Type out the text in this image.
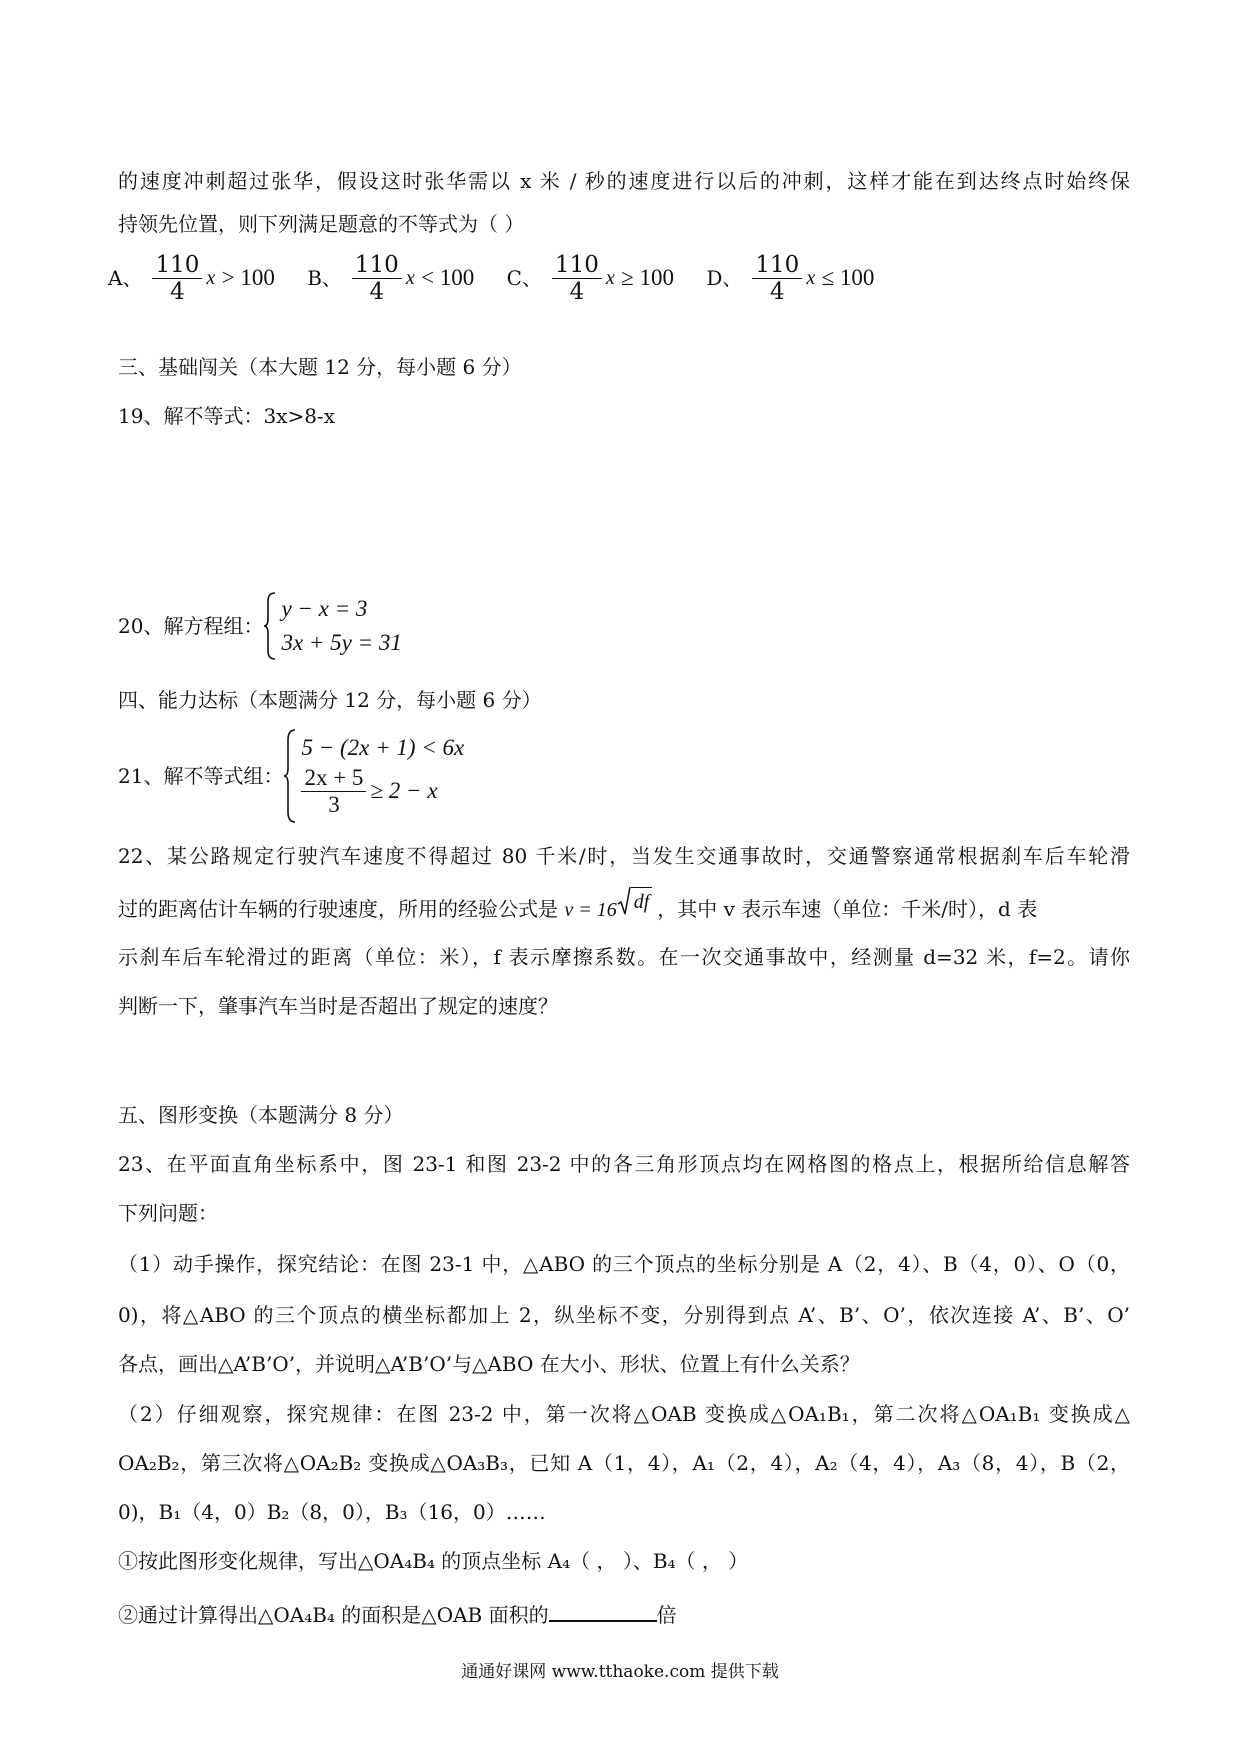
的速度冲刺超过张华，假设这时张华需以 x 米 / 秒的速度进行以后的冲刺，这样才能在到达终点时始终保
持领先位置，则下列满足题意的不等式为（ ）
A、 $\frac{110}{4}$ x
> 100
B、 $\frac{110}{4}$ x
< 100
C、 $\frac{110}{4}$ x
≥ 100
D、 $\frac{110}{4}$ x
≤ 100
三、基础闯关（本大题 12 分，每小题 6 分）
19、解不等式：3x>8-x
20、解方程组：
y − x = 3
3x + 5y = 31
四、能力达标（本题满分 12 分，每小题 6 分）
21、解不等式组：
5 − (2x + 1) < 6x
$\frac{2x + 5}{3} \ge 2 - x$
22、某公路规定行驶汽车速度不得超过 80 千米/时，当发生交通事故时，交通警察通常根据刹车后车轮滑
过的距离估计车辆的行驶速度，所用的经验公式是 v = 16 df ，其中 v 表示车速（单位：千米/时），d 表
示刹车后车轮滑过的距离（单位：米），f 表示摩擦系数。在一次交通事故中，经测量 d=32 米，f=2。请你
判断一下，肇事汽车当时是否超出了规定的速度？
五、图形变换（本题满分 8 分）
23、在平面直角坐标系中，图 23-1 和图 23-2 中的各三角形顶点均在网格图的格点上，根据所给信息解答
下列问题：
（1）动手操作，探究结论：在图 23-1 中，△ABO 的三个顶点的坐标分别是 A（2，4）、B（4，0）、O（0，
0)，将△ABO 的三个顶点的横坐标都加上 2，纵坐标不变，分别得到点 A’、B’、O’，依次连接 A’、B’、O’
各点，画出△A’B’O’，并说明△A’B’O’与△ABO 在大小、形状、位置上有什么关系？
（2）仔细观察，探究规律：在图 23-2 中，第一次将△OAB 变换成△OA₁B₁，第二次将△OA₁B₁ 变换成△
OA₂B₂，第三次将△OA₂B₂ 变换成△OA₃B₃，已知 A（1，4），A₁（2，4），A₂（4，4），A₃（8，4），B（2，
0)，B₁（4，0）B₂（8，0），B₃（16，0）……
①按此图形变化规律，写出△OA₄B₄ 的顶点坐标 A₄（ ， ）、B₄（ ， ）
②通过计算得出△OA₄B₄ 的面积是△OAB 面积的	倍
通通好课网 www.tthaoke.com 提供下载
